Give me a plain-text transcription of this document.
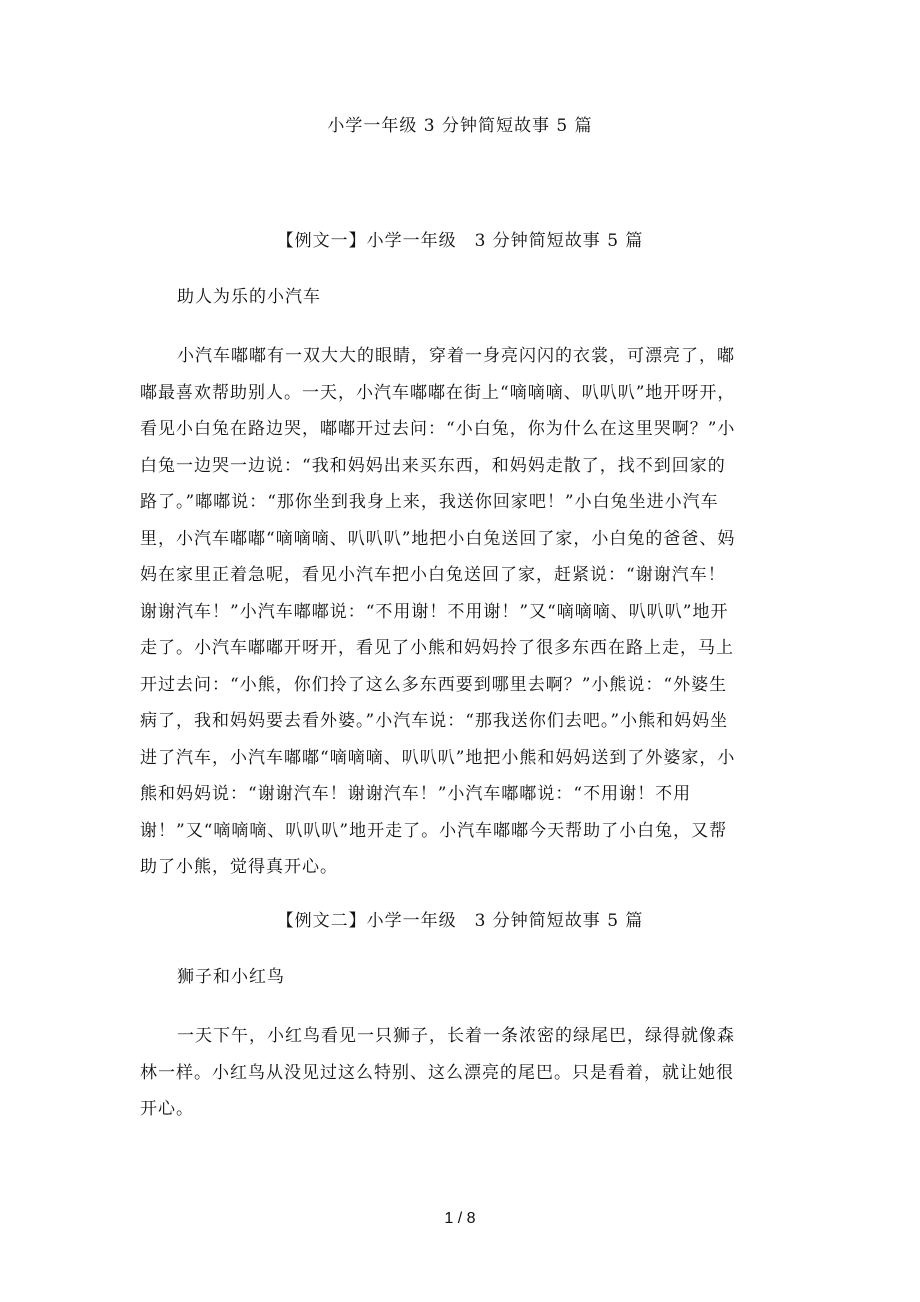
小学一年级 3 分钟简短故事 5 篇

【例文一】小学一年级　3 分钟简短故事 5 篇

助人为乐的小汽车

小汽车嘟嘟有一双大大的眼睛，穿着一身亮闪闪的衣裳，可漂亮了，嘟嘟最喜欢帮助别人。一天，小汽车嘟嘟在街上“嘀嘀嘀、叭叭叭”地开呀开，看见小白兔在路边哭，嘟嘟开过去问：“小白兔，你为什么在这里哭啊？”小白兔一边哭一边说：“我和妈妈出来买东西，和妈妈走散了，找不到回家的路了。”嘟嘟说：“那你坐到我身上来，我送你回家吧！”小白兔坐进小汽车里，小汽车嘟嘟“嘀嘀嘀、叭叭叭”地把小白兔送回了家，小白兔的爸爸、妈妈在家里正着急呢，看见小汽车把小白兔送回了家，赶紧说：“谢谢汽车！谢谢汽车！”小汽车嘟嘟说：“不用谢！不用谢！”又“嘀嘀嘀、叭叭叭”地开走了。小汽车嘟嘟开呀开，看见了小熊和妈妈拎了很多东西在路上走，马上开过去问：“小熊，你们拎了这么多东西要到哪里去啊？”小熊说：“外婆生病了，我和妈妈要去看外婆。”小汽车说：“那我送你们去吧。”小熊和妈妈坐进了汽车，小汽车嘟嘟“嘀嘀嘀、叭叭叭”地把小熊和妈妈送到了外婆家，小熊和妈妈说：“谢谢汽车！谢谢汽车！”小汽车嘟嘟说：“不用谢！不用谢！”又“嘀嘀嘀、叭叭叭”地开走了。小汽车嘟嘟今天帮助了小白兔，又帮助了小熊，觉得真开心。

【例文二】小学一年级　3 分钟简短故事 5 篇

狮子和小红鸟

一天下午，小红鸟看见一只狮子，长着一条浓密的绿尾巴，绿得就像森林一样。小红鸟从没见过这么特别、这么漂亮的尾巴。只是看着，就让她很开心。

1 / 8
